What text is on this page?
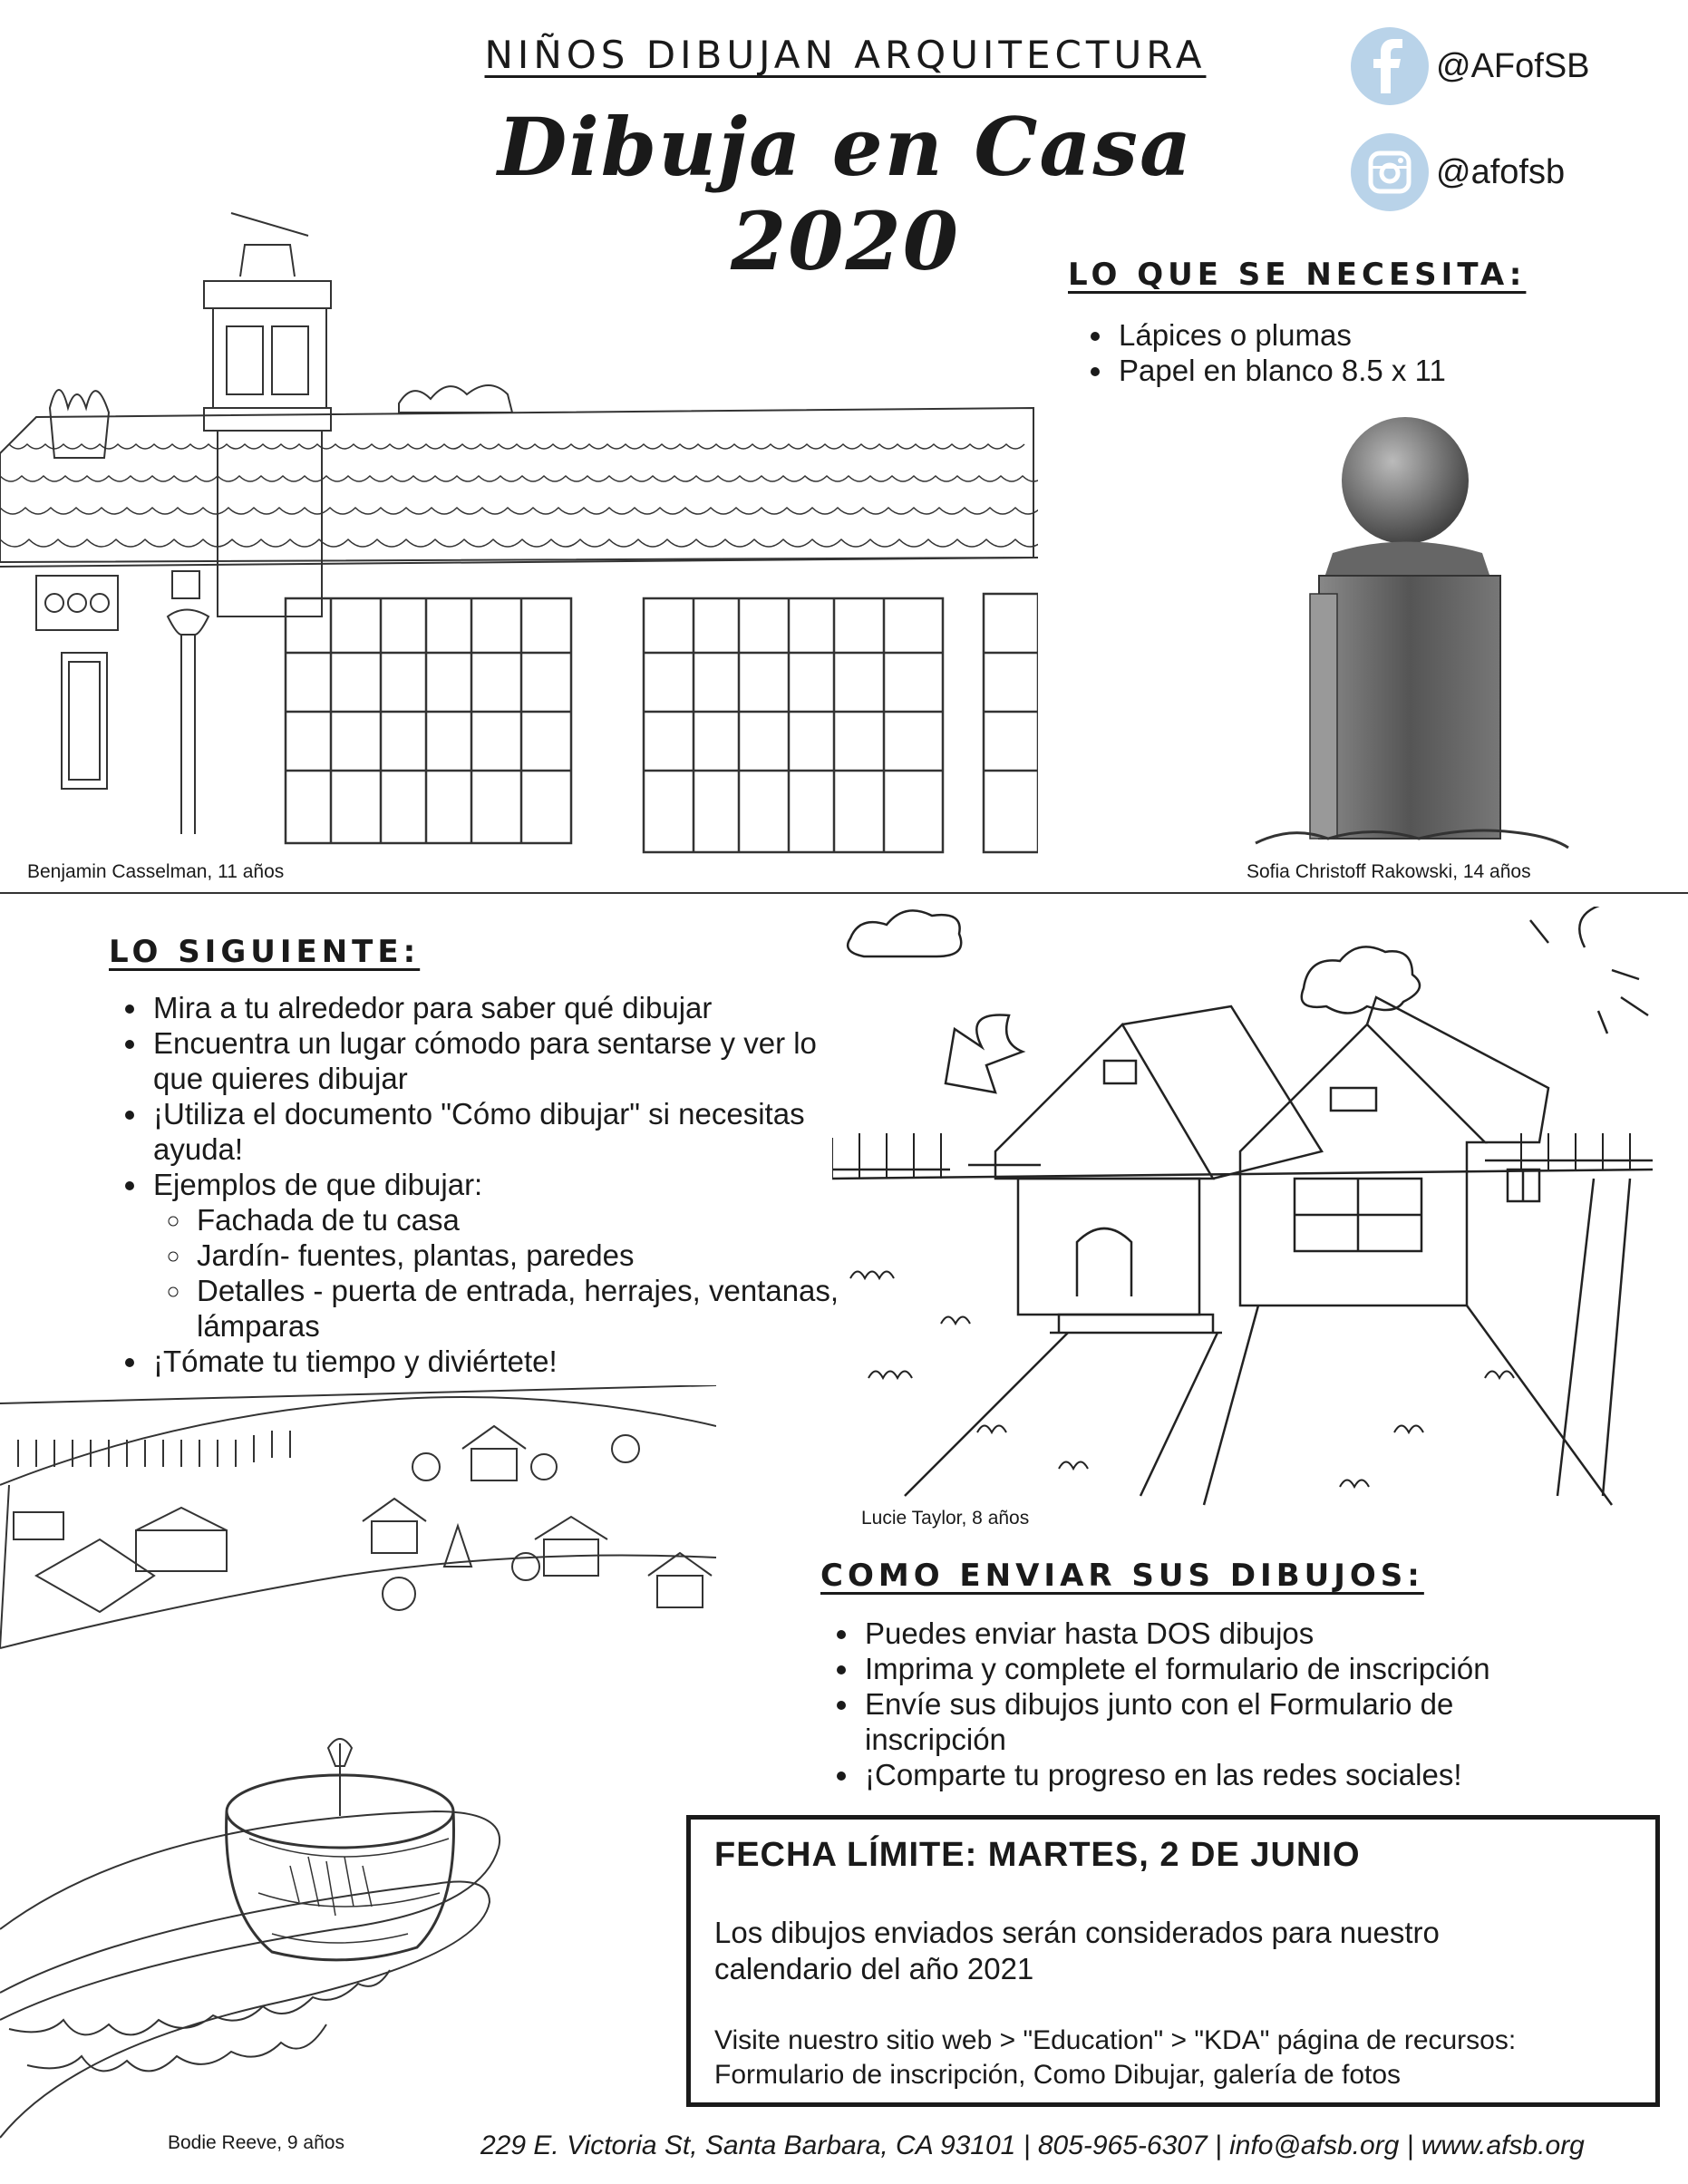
NIÑOS DIBUJAN ARQUITECTURA
Dibuja en Casa 2020
@AFofSB
@afofsb
Benjamin Casselman, 11 años
LO QUE SE NECESITA:
• Lápices o plumas
• Papel en blanco 8.5 x 11
Sofia Christoff Rakowski, 14 años
LO SIGUIENTE:
• Mira a tu alrededor para saber qué dibujar
• Encuentra un lugar cómodo para sentarse y ver lo que quieres dibujar
• ¡Utiliza el documento "Cómo dibujar" si necesitas ayuda!
• Ejemplos de que dibujar:
◦ Fachada de tu casa
◦ Jardín- fuentes, plantas, paredes
◦ Detalles - puerta de entrada, herrajes, ventanas, lámparas
• ¡Tómate tu tiempo y diviértete!
Lucie Taylor, 8 años
Bodie Reeve, 9 años
COMO ENVIAR SUS DIBUJOS:
• Puedes enviar hasta DOS dibujos
• Imprima y complete el formulario de inscripción
• Envíe sus dibujos junto con el Formulario de inscripción
• ¡Comparte tu progreso en las redes sociales!
FECHA LÍMITE: MARTES, 2 DE JUNIO
Los dibujos enviados serán considerados para nuestro calendario del año 2021
Visite nuestro sitio web > "Education" > "KDA" página de recursos: Formulario de inscripción, Como Dibujar, galería de fotos
229 E. Victoria St, Santa Barbara, CA 93101 | 805-965-6307 | info@afsb.org | www.afsb.org
